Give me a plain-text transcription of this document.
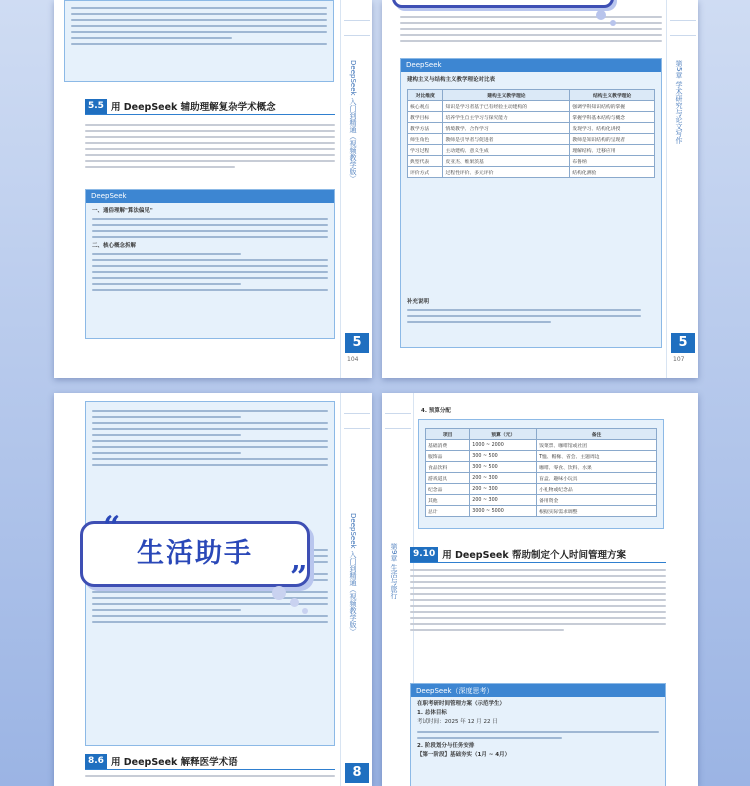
DeepSeek 入门到精通（视频教学版）
5
104
5.5 用 DeepSeek 辅助理解复杂学术概念
DeepSeek
一、通俗理解"算法偏见"
二、核心概念拆解
第5章 学术研究与论文写作
5
107
DeepSeek
建构主义与结构主义教学理论对比表
对比维度	建构主义教学理论	结构主义教学理论
核心观点	知识是学习者基于已有经验主动建构的	强调学科知识结构的掌握
教学目标	培养学生自主学习与探究能力	掌握学科基本结构与概念
教学方法	情境教学、合作学习	发现学习、结构化讲授
师生角色	教师是引导者与促进者	教师是知识结构的呈现者
学习过程	主动建构、意义生成	理解结构、迁移应用
典型代表	皮亚杰、维果茨基	布鲁纳
评价方式	过程性评价、多元评价	结构化测验
补充说明
DeepSeek 入门到精通（视频教学版）
8
8.6 用 DeepSeek 解释医学术语
第9章 生活与旅行
4. 预算分配
项目	预算（元）	备注
基础消费	1000 ~ 2000	饭菜票、咖啡馆或社团
服饰品	300 ~ 500	T恤、帽椽、省会、主题周边
食品饮料	300 ~ 500	咖啡、零食、饮料、水果
游戏道具	200 ~ 300	盲盒、趣味小玩具
纪念品	200 ~ 300	小礼物或纪念品
其他	200 ~ 300	备用资金
总计	3000 ~ 5000	根据实际需求调整
9.10 用 DeepSeek 帮助制定个人时间管理方案
DeepSeek（深度思考）
在职考研时间管理方案（示范学生）
1. 总体目标
考试时间：2025 年 12 月 22 日
2. 阶段划分与任务安排
【第一阶段】基础夯实（1月 ~ 4月）
生活助手
“
”
